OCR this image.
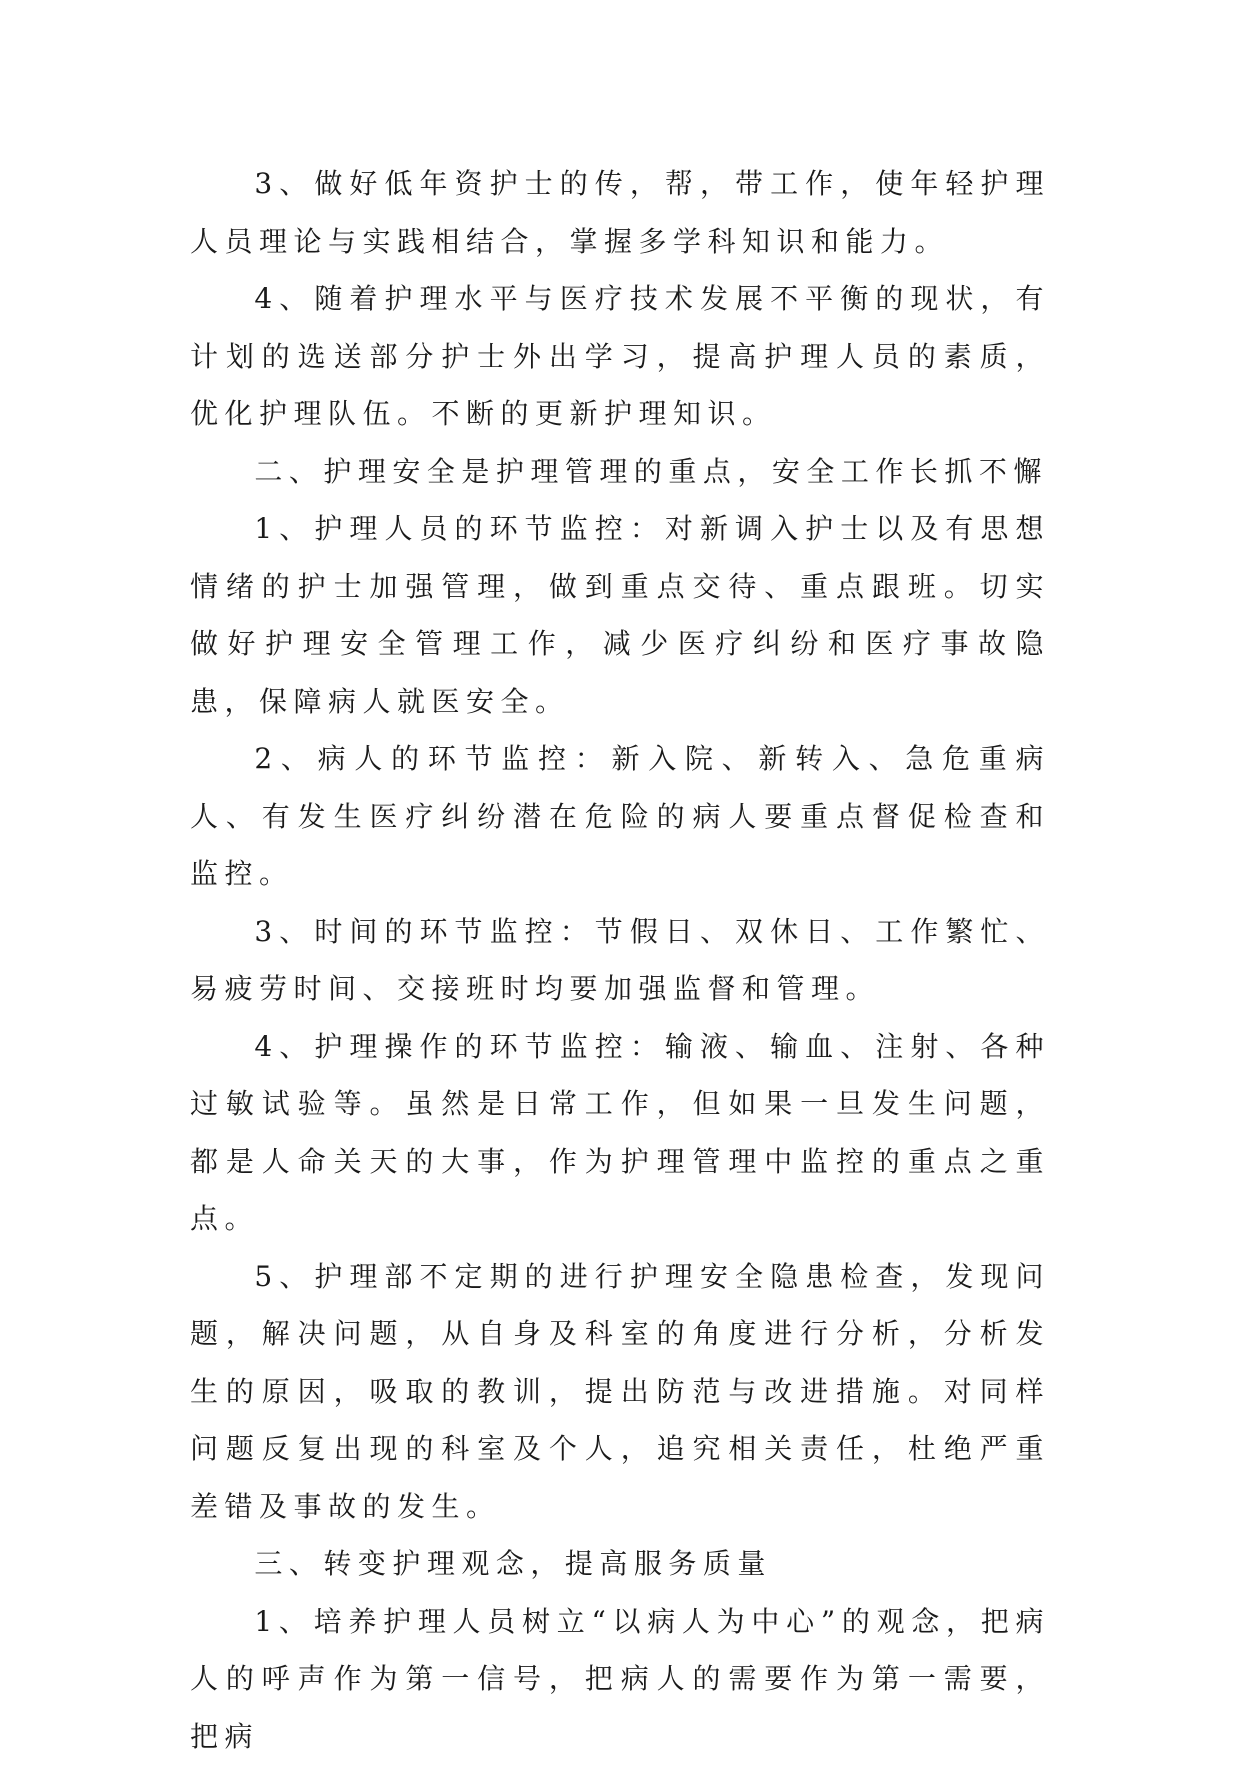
3、做好低年资护士的传，帮，带工作，使年轻护理人员理论与实践相结合，掌握多学科知识和能力。

4、随着护理水平与医疗技术发展不平衡的现状，有计划的选送部分护士外出学习，提高护理人员的素质，优化护理队伍。不断的更新护理知识。

二、护理安全是护理管理的重点，安全工作长抓不懈

1、护理人员的环节监控：对新调入护士以及有思想情绪的护士加强管理，做到重点交待、重点跟班。切实做好护理安全管理工作，减少医疗纠纷和医疗事故隐患，保障病人就医安全。

2、病人的环节监控：新入院、新转入、急危重病人、有发生医疗纠纷潜在危险的病人要重点督促检查和监控。

3、时间的环节监控：节假日、双休日、工作繁忙、易疲劳时间、交接班时均要加强监督和管理。

4、护理操作的环节监控：输液、输血、注射、各种过敏试验等。虽然是日常工作，但如果一旦发生问题，都是人命关天的大事，作为护理管理中监控的重点之重点。

5、护理部不定期的进行护理安全隐患检查，发现问题，解决问题，从自身及科室的角度进行分析，分析发生的原因，吸取的教训，提出防范与改进措施。对同样问题反复出现的科室及个人，追究相关责任，杜绝严重差错及事故的发生。

三、转变护理观念，提高服务质量

1、培养护理人员树立“以病人为中心”的观念，把病人的呼声作为第一信号，把病人的需要作为第一需要，把病
